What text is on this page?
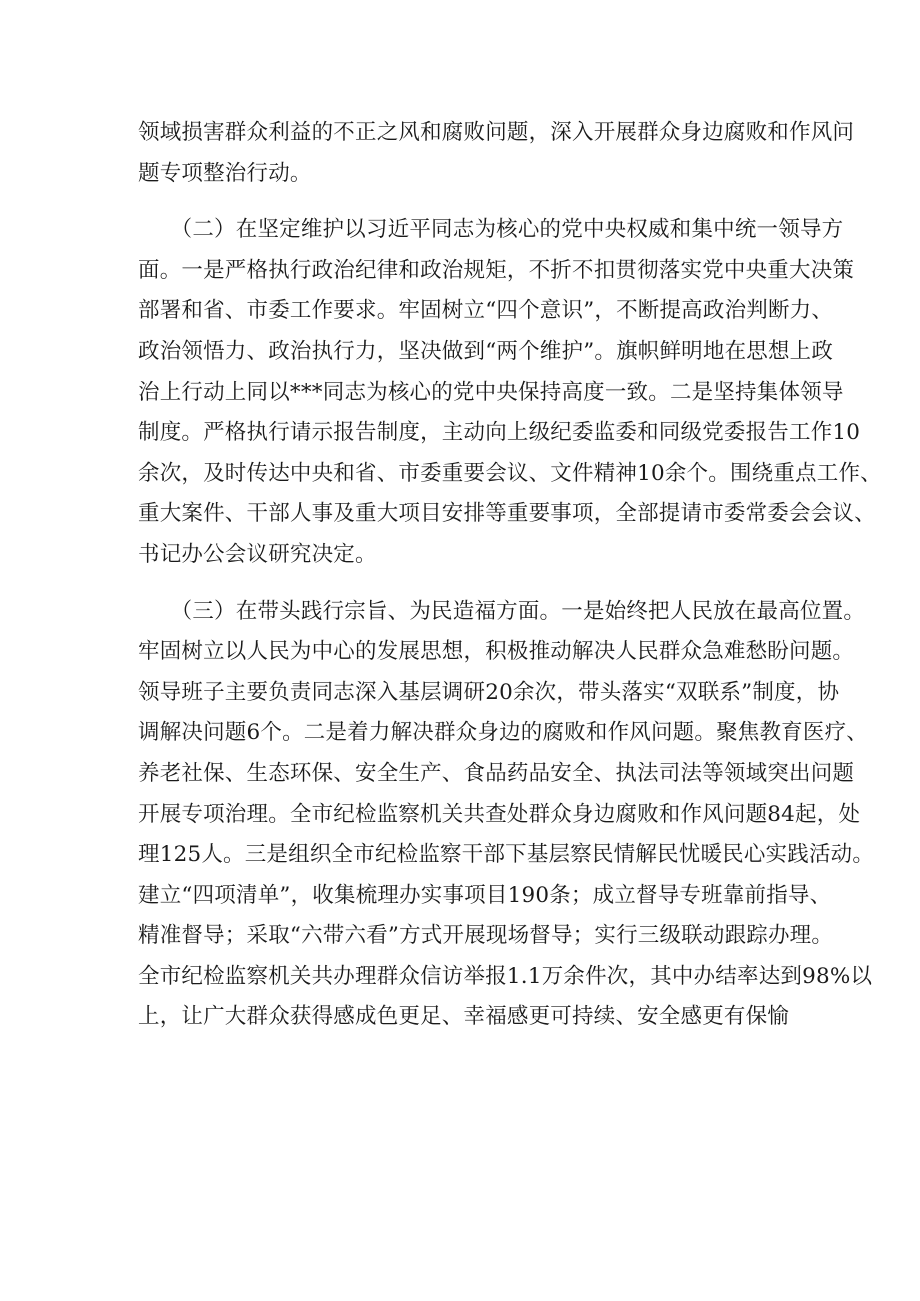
领域损害群众利益的不正之风和腐败问题，深入开展群众身边腐败和作风问
题专项整治行动。
　　（二）在坚定维护以习近平同志为核心的党中央权威和集中统一领导方
面。一是严格执行政治纪律和政治规矩，不折不扣贯彻落实党中央重大决策
部署和省、市委工作要求。牢固树立“四个意识”，不断提高政治判断力、
政治领悟力、政治执行力，坚决做到“两个维护”。旗帜鲜明地在思想上政
治上行动上同以***同志为核心的党中央保持高度一致。二是坚持集体领导
制度。严格执行请示报告制度，主动向上级纪委监委和同级党委报告工作10
余次，及时传达中央和省、市委重要会议、文件精神10余个。围绕重点工作、
重大案件、干部人事及重大项目安排等重要事项，全部提请市委常委会会议、
书记办公会议研究决定。
　　（三）在带头践行宗旨、为民造福方面。一是始终把人民放在最高位置。
牢固树立以人民为中心的发展思想，积极推动解决人民群众急难愁盼问题。
领导班子主要负责同志深入基层调研20余次，带头落实“双联系”制度，协
调解决问题6个。二是着力解决群众身边的腐败和作风问题。聚焦教育医疗、
养老社保、生态环保、安全生产、食品药品安全、执法司法等领域突出问题
开展专项治理。全市纪检监察机关共查处群众身边腐败和作风问题84起，处
理125人。三是组织全市纪检监察干部下基层察民情解民忧暖民心实践活动。
建立“四项清单”，收集梳理办实事项目190条；成立督导专班靠前指导、
精准督导；采取“六带六看”方式开展现场督导；实行三级联动跟踪办理。
全市纪检监察机关共办理群众信访举报1.1万余件次，其中办结率达到98%以
上，让广大群众获得感成色更足、幸福感更可持续、安全感更有保愉
